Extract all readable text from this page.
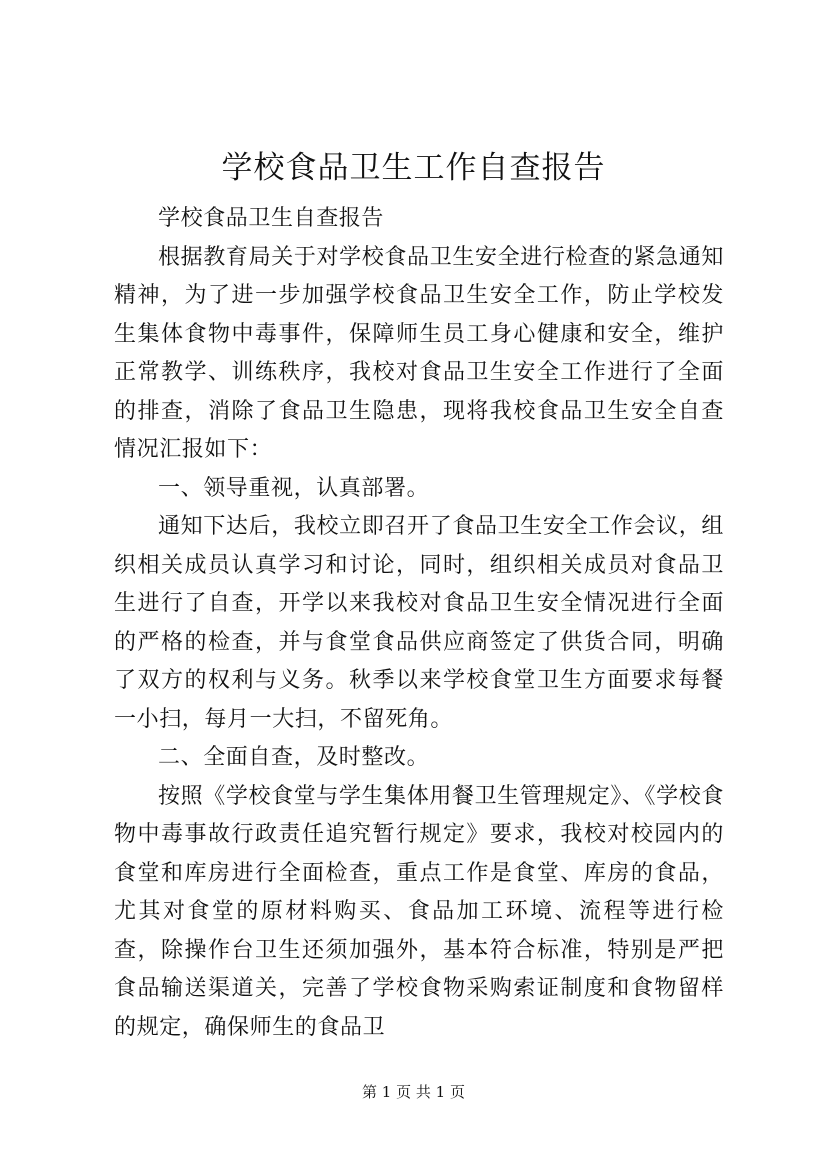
学校食品卫生工作自查报告

学校食品卫生自查报告

根据教育局关于对学校食品卫生安全进行检查的紧急通知精神，为了进一步加强学校食品卫生安全工作，防止学校发生集体食物中毒事件，保障师生员工身心健康和安全，维护正常教学、训练秩序，我校对食品卫生安全工作进行了全面的排查，消除了食品卫生隐患，现将我校食品卫生安全自查情况汇报如下：

一、领导重视，认真部署。

通知下达后，我校立即召开了食品卫生安全工作会议，组织相关成员认真学习和讨论，同时，组织相关成员对食品卫生进行了自查，开学以来我校对食品卫生安全情况进行全面的严格的检查，并与食堂食品供应商签定了供货合同，明确了双方的权利与义务。秋季以来学校食堂卫生方面要求每餐一小扫，每月一大扫，不留死角。

二、全面自查，及时整改。

按照《学校食堂与学生集体用餐卫生管理规定》、《学校食物中毒事故行政责任追究暂行规定》要求，我校对校园内的食堂和库房进行全面检查，重点工作是食堂、库房的食品，尤其对食堂的原材料购买、食品加工环境、流程等进行检查，除操作台卫生还须加强外，基本符合标准，特别是严把食品输送渠道关，完善了学校食物采购索证制度和食物留样的规定，确保师生的食品卫

第 1 页 共 1 页
